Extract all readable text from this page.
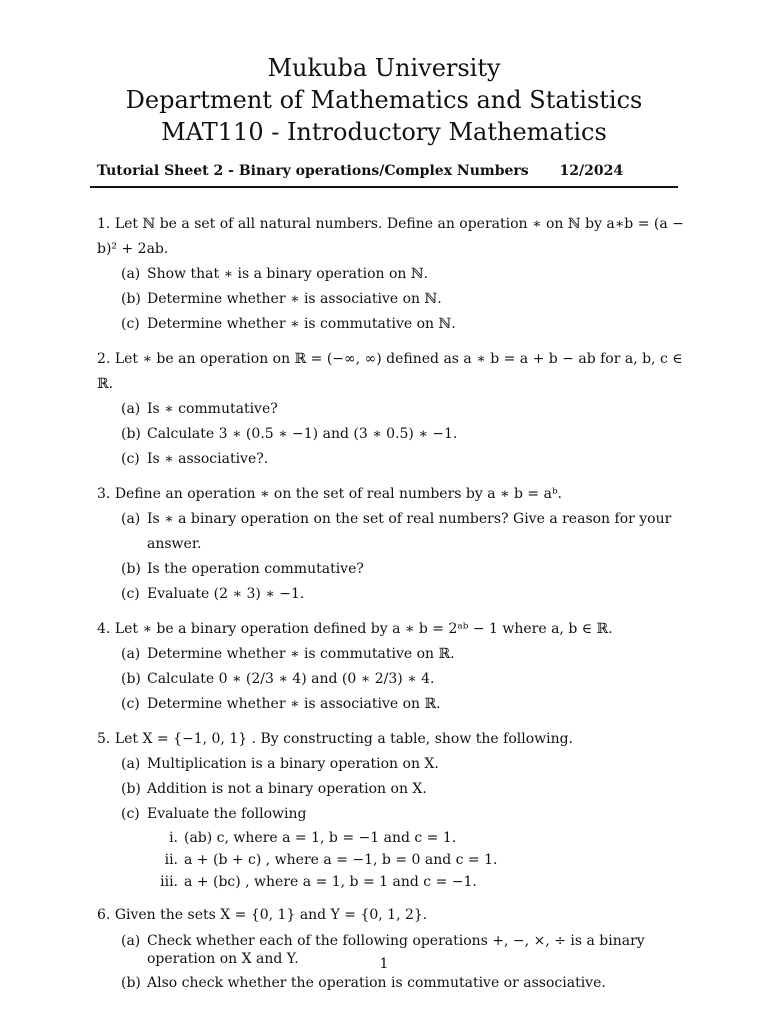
Mukuba University
Department of Mathematics and Statistics
MAT110 - Introductory Mathematics
Tutorial Sheet 2 - Binary operations/Complex Numbers 12/2024
1. Let ℕ be a set of all natural numbers. Define an operation ∗ on ℕ by a∗b = (a − b)² + 2ab.
(a) Show that ∗ is a binary operation on ℕ.
(b) Determine whether ∗ is associative on ℕ.
(c) Determine whether ∗ is commutative on ℕ.
2. Let ∗ be an operation on ℝ = (−∞, ∞) defined as a ∗ b = a + b − ab for a, b, c ∈ ℝ.
(a) Is ∗ commutative?
(b) Calculate 3 ∗ (0.5 ∗ −1) and (3 ∗ 0.5) ∗ −1.
(c) Is ∗ associative?.
3. Define an operation ∗ on the set of real numbers by a ∗ b = aᵇ.
(a) Is ∗ a binary operation on the set of real numbers? Give a reason for your answer.
(b) Is the operation commutative?
(c) Evaluate (2 ∗ 3) ∗ −1.
4. Let ∗ be a binary operation defined by a ∗ b = 2ᵃᵇ − 1 where a, b ∈ ℝ.
(a) Determine whether ∗ is commutative on ℝ.
(b) Calculate 0 ∗ (2/3 ∗ 4) and (0 ∗ 2/3) ∗ 4.
(c) Determine whether ∗ is associative on ℝ.
5. Let X = {−1, 0, 1} . By constructing a table, show the following.
(a) Multiplication is a binary operation on X.
(b) Addition is not a binary operation on X.
(c) Evaluate the following
i. (ab) c, where a = 1, b = −1 and c = 1.
ii. a + (b + c) , where a = −1, b = 0 and c = 1.
iii. a + (bc) , where a = 1, b = 1 and c = −1.
6. Given the sets X = {0, 1} and Y = {0, 1, 2}.
(a) Check whether each of the following operations +, −, ×, ÷ is a binary operation on X and Y.
(b) Also check whether the operation is commutative or associative.
1
